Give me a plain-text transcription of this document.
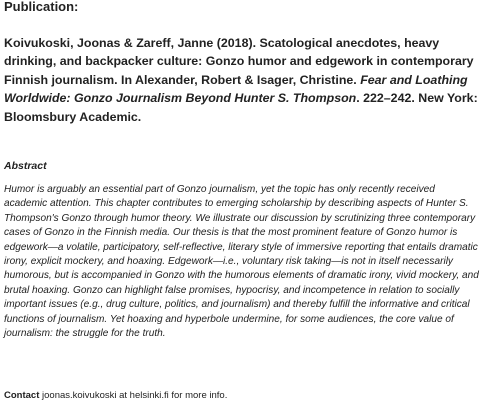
Publication:

Koivukoski, Joonas & Zareff, Janne (2018). Scatological anecdotes, heavy drinking, and backpacker culture: Gonzo humor and edgework in contemporary Finnish journalism. In Alexander, Robert & Isager, Christine. Fear and Loathing Worldwide: Gonzo Journalism Beyond Hunter S. Thompson. 222–242. New York: Bloomsbury Academic.

Abstract

Humor is arguably an essential part of Gonzo journalism, yet the topic has only recently received academic attention. This chapter contributes to emerging scholarship by describing aspects of Hunter S. Thompson's Gonzo through humor theory. We illustrate our discussion by scrutinizing three contemporary cases of Gonzo in the Finnish media. Our thesis is that the most prominent feature of Gonzo humor is edgework—a volatile, participatory, self-reflective, literary style of immersive reporting that entails dramatic irony, explicit mockery, and hoaxing. Edgework—i.e., voluntary risk taking—is not in itself necessarily humorous, but is accompanied in Gonzo with the humorous elements of dramatic irony, vivid mockery, and brutal hoaxing. Gonzo can highlight false promises, hypocrisy, and incompetence in relation to socially important issues (e.g., drug culture, politics, and journalism) and thereby fulfill the informative and critical functions of journalism. Yet hoaxing and hyperbole undermine, for some audiences, the core value of journalism: the struggle for the truth.

Contact joonas.koivukoski at helsinki.fi for more info.
